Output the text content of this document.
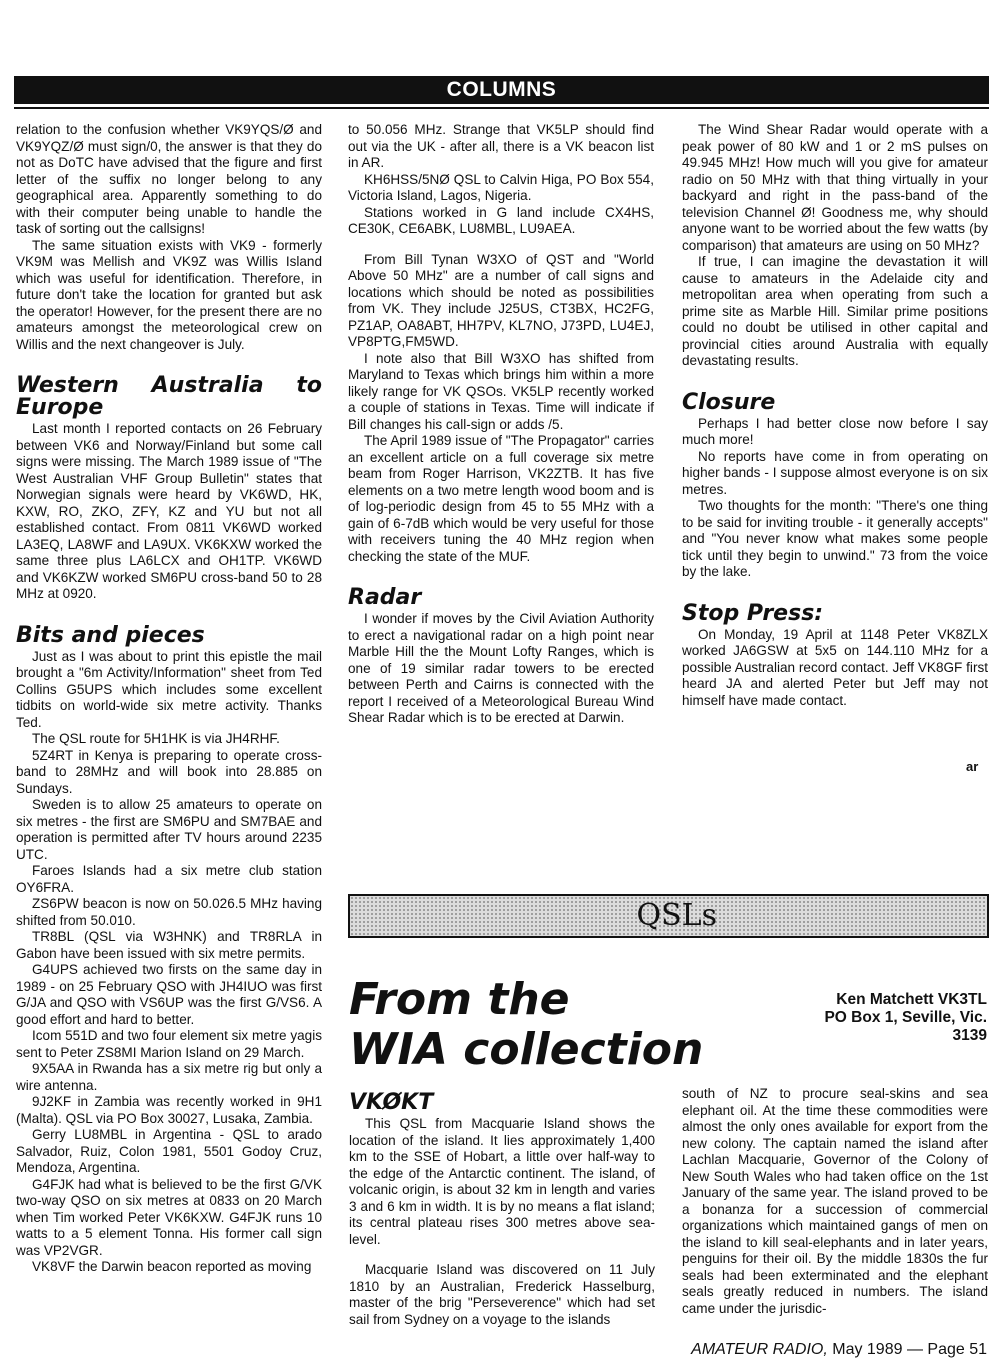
COLUMNS

relation to the confusion whether VK9YQS/Ø and VK9YQZ/Ø must sign/0, the answer is that they do not as DoTC have advised that the figure and first letter of the suffix no longer belong to any geographical area. Apparently something to do with their computer being unable to handle the task of sorting out the callsigns!

The same situation exists with VK9 - formerly VK9M was Mellish and VK9Z was Willis Island which was useful for identification. Therefore, in future don't take the location for granted but ask the operator! However, for the present there are no amateurs amongst the meteorological crew on Willis and the next changeover is July.

Western Australia to Europe

Last month I reported contacts on 26 February between VK6 and Norway/Finland but some call signs were missing. The March 1989 issue of "The West Australian VHF Group Bulletin" states that Norwegian signals were heard by VK6WD, HK, KXW, RO, ZKO, ZFY, KZ and YU but not all established contact. From 0811 VK6WD worked LA3EQ, LA8WF and LA9UX. VK6KXW worked the same three plus LA6LCX and OH1TP. VK6WD and VK6KZW worked SM6PU cross-band 50 to 28 MHz at 0920.

Bits and pieces

Just as I was about to print this epistle the mail brought a "6m Activity/Information" sheet from Ted Collins G5UPS which includes some excellent tidbits on world-wide six metre activity. Thanks Ted.

The QSL route for 5H1HK is via JH4RHF.

5Z4RT in Kenya is preparing to operate cross-band to 28MHz and will book into 28.885 on Sundays.

Sweden is to allow 25 amateurs to operate on six metres - the first are SM6PU and SM7BAE and operation is permitted after TV hours around 2235 UTC.

Faroes Islands had a six metre club station OY6FRA.

ZS6PW beacon is now on 50.026.5 MHz having shifted from 50.010.

TR8BL (QSL via W3HNK) and TR8RLA in Gabon have been issued with six metre permits.

G4UPS achieved two firsts on the same day in 1989 - on 25 February QSO with JH4IUO was first G/JA and QSO with VS6UP was the first G/VS6. A good effort and hard to better.

Icom 551D and two four element six metre yagis sent to Peter ZS8MI Marion Island on 29 March.

9X5AA in Rwanda has a six metre rig but only a wire antenna.

9J2KF in Zambia was recently worked in 9H1 (Malta). QSL via PO Box 30027, Lusaka, Zambia.

Gerry LU8MBL in Argentina - QSL to arado Salvador, Ruiz, Colon 1981, 5501 Godoy Cruz, Mendoza, Argentina.

G4FJK had what is believed to be the first G/VK two-way QSO on six metres at 0833 on 20 March when Tim worked Peter VK6KXW. G4FJK runs 10 watts to a 5 element Tonna. His former call sign was VP2VGR.

VK8VF the Darwin beacon reported as moving

to 50.056 MHz. Strange that VK5LP should find out via the UK - after all, there is a VK beacon list in AR.

KH6HSS/5NØ QSL to Calvin Higa, PO Box 554, Victoria Island, Lagos, Nigeria.

Stations worked in G land include CX4HS, CE30K, CE6ABK, LU8MBL, LU9AEA.

From Bill Tynan W3XO of QST and "World Above 50 MHz" are a number of call signs and locations which should be noted as possibilities from VK. They include J25US, CT3BX, HC2FG, PZ1AP, OA8ABT, HH7PV, KL7NO, J73PD, LU4EJ, VP8PTG,FM5WD.

I note also that Bill W3XO has shifted from Maryland to Texas which brings him within a more likely range for VK QSOs. VK5LP recently worked a couple of stations in Texas. Time will indicate if Bill changes his call-sign or adds /5.

The April 1989 issue of "The Propagator" carries an excellent article on a full coverage six metre beam from Roger Harrison, VK2ZTB. It has five elements on a two metre length wood boom and is of log-periodic design from 45 to 55 MHz with a gain of 6-7dB which would be very useful for those with receivers tuning the 40 MHz region when checking the state of the MUF.

Radar

I wonder if moves by the Civil Aviation Authority to erect a navigational radar on a high point near Marble Hill the the Mount Lofty Ranges, which is one of 19 similar radar towers to be erected between Perth and Cairns is connected with the report I received of a Meteorological Bureau Wind Shear Radar which is to be erected at Darwin.

The Wind Shear Radar would operate with a peak power of 80 kW and 1 or 2 mS pulses on 49.945 MHz! How much will you give for amateur radio on 50 MHz with that thing virtually in your backyard and right in the pass-band of the television Channel Ø! Goodness me, why should anyone want to be worried about the few watts (by comparison) that amateurs are using on 50 MHz?

If true, I can imagine the devastation it will cause to amateurs in the Adelaide city and metropolitan area when operating from such a prime site as Marble Hill. Similar prime positions could no doubt be utilised in other capital and provincial cities around Australia with equally devastating results.

Closure

Perhaps I had better close now before I say much more!

No reports have come in from operating on higher bands - I suppose almost everyone is on six metres.

Two thoughts for the month: "There's one thing to be said for inviting trouble - it generally accepts" and "You never know what makes some people tick until they begin to unwind." 73 from the voice by the lake.

Stop Press:

On Monday, 19 April at 1148 Peter VK8ZLX worked JA6GSW at 5x5 on 144.110 MHz for a possible Australian record contact. Jeff VK8GF first heard JA and alerted Peter but Jeff may not himself have made contact.

ar
QSLs
From the
WIA collection
Ken Matchett VK3TL
PO Box 1, Seville, Vic.
3139
VKØKT

This QSL from Macquarie Island shows the location of the island. It lies approximately 1,400 km to the SSE of Hobart, a little over half-way to the edge of the Antarctic continent. The island, of volcanic origin, is about 32 km in length and varies 3 and 6 km in width. It is by no means a flat island; its central plateau rises 300 metres above sea-level.

Macquarie Island was discovered on 11 July 1810 by an Australian, Frederick Hasselburg, master of the brig "Perseverence" which had set sail from Sydney on a voyage to the islands

south of NZ to procure seal-skins and sea elephant oil. At the time these commodities were almost the only ones available for export from the new colony. The captain named the island after Lachlan Macquarie, Governor of the Colony of New South Wales who had taken office on the 1st January of the same year. The island proved to be a bonanza for a succession of commercial organizations which maintained gangs of men on the island to kill seal-elephants and in later years, penguins for their oil. By the middle 1830s the fur seals had been exterminated and the elephant seals greatly reduced in numbers. The island came under the jurisdic-

AMATEUR RADIO, May 1989 — Page 51
